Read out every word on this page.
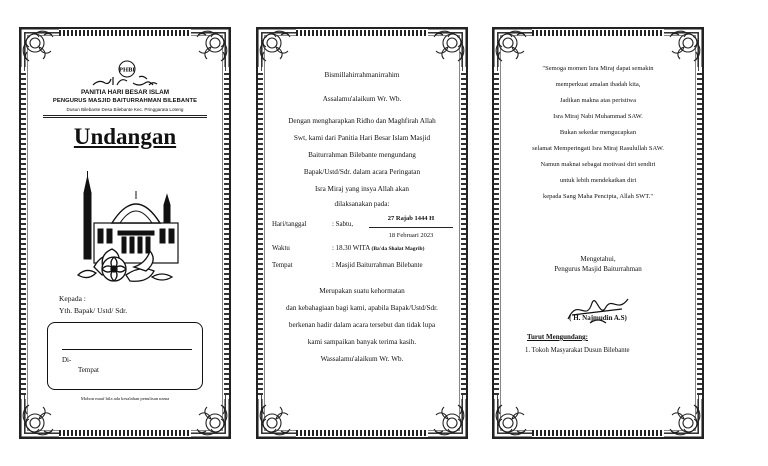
PHBI
PANITIA HARI BESAR ISLAM
PENGURUS MASJID BAITURRAHMAN BILEBANTE
Dusun Bilebante Desa Bilebante Kec. Pringgarata Loteng
Undangan
Kepada :
Yth. Bapak/ Ustd/ Sdr.
Di-
Tempat
Mohon maaf bila ada kesalahan penulisan nama
Bismillahirrahmanirrahim
Assalamu'alaikum Wr. Wb.
Dengan mengharapkan Ridho dan Maghfirah Allah
Swt, kami dari Panitia Hari Besar Islam Masjid
Baiturrahman Bilebante mengundang
Bapak/Ustd/Sdr. dalam acara Peringatan
Isra Miraj yang insya Allah akan
dilaksanakan pada:
Hari/tanggal	: Sabtu,
27 Rajab 1444 H
18 Februari 2023
Waktu	: 18.30 WITA (Ba'da Shalat Magrib)
Tempat	: Masjid Baiturrahman Bilebante
Merupakan suatu kehormatan
dan kebahagiaan bagi kami, apabila Bapak/Ustd/Sdr.
berkenan hadir dalam acara tersebut dan tidak lupa
kami sampaikan banyak terima kasih.
Wassalamu'alaikum Wr. Wb.
"Semoga momen Isra Miraj dapat semakin
memperkuat amalan ibadah kita,
Jadikan makna atas peristiwa
Isra Miraj Nabi Muhammad SAW.
Bukan sekedar mengucapkan
selamat Memperingati Isra Miraj Rasulullah SAW.
Namun maknai sebagai motivasi diri sendiri
untuk lebih mendekatkan diri
kepada Sang Maha Pencipta, Allah SWT."
Mengetahui,
Pengurus Masjid Baiturrahman
( H. Najmudin A.S)
Turut Mengundang:
1. Tokoh Masyarakat Dusun Bilebante
